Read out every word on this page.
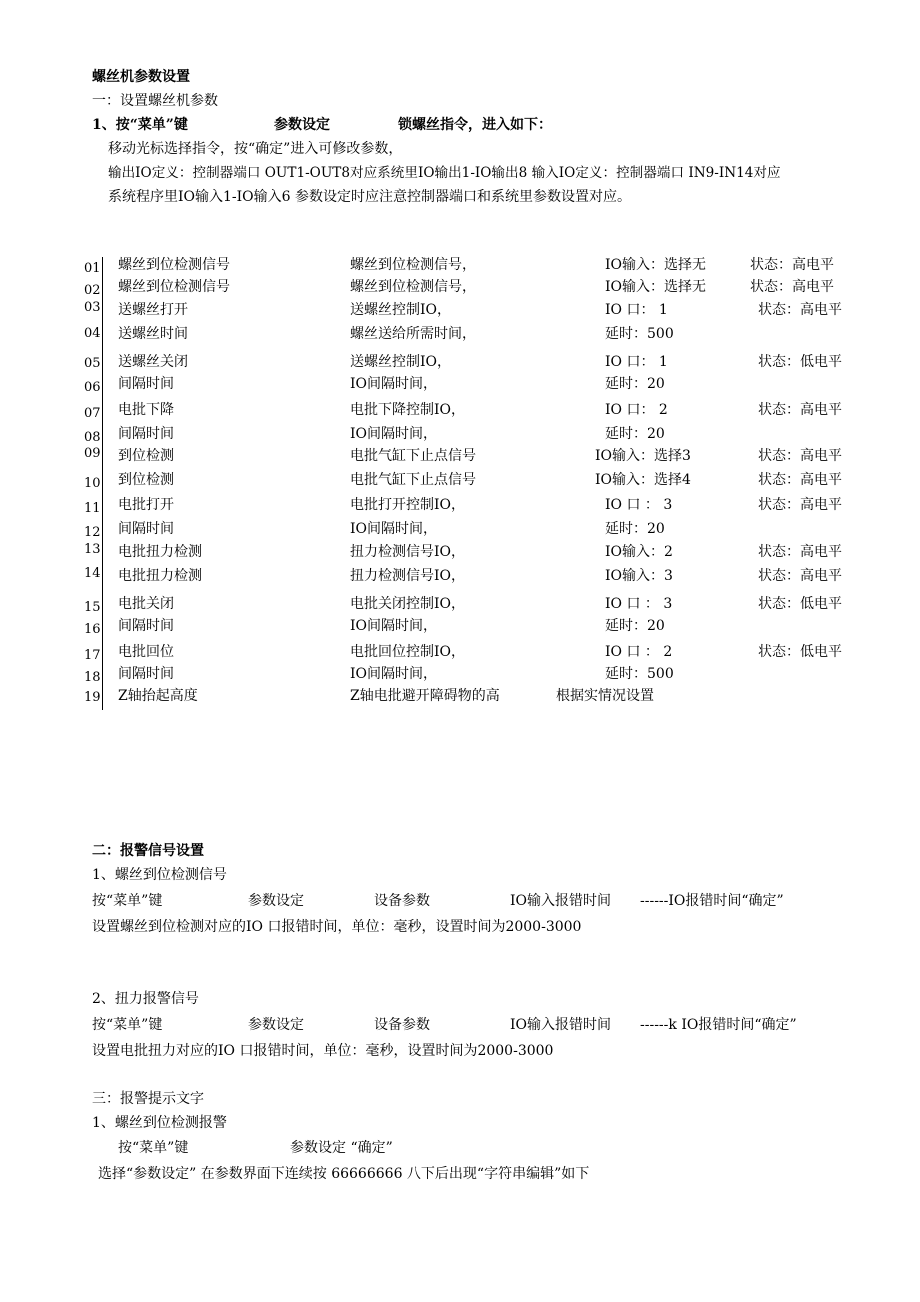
螺丝机参数设置
一：设置螺丝机参数
1、按“菜单”键	参数设定	锁螺丝指令，进入如下：
移动光标选择指令，按“确定”进入可修改参数，
输出IO定义：控制器端口 OUT1-OUT8对应系统里IO输出1-IO输出8 输入IO定义：控制器端口 IN9-IN14对应
系统程序里IO输入1-IO输入6 参数设定时应注意控制器端口和系统里参数设置对应。
01 螺丝到位检测信号	螺丝到位检测信号，	IO输入：选择无	状态：高电平
02 螺丝到位检测信号	螺丝到位检测信号，	IO输入：选择无	状态：高电平
03 送螺丝打开	送螺丝控制IO，	IO 口： 1	状态：高电平
04 送螺丝时间	螺丝送给所需时间，	延时：500
05 送螺丝关闭	送螺丝控制IO，	IO 口： 1	状态：低电平
06 间隔时间	IO间隔时间，	延时：20
07 电批下降	电批下降控制IO，	IO 口： 2	状态：高电平
08 间隔时间	IO间隔时间，	延时：20
09 到位检测	电批气缸下止点信号	IO输入：选择3	状态：高电平
10 到位检测	电批气缸下止点信号	IO输入：选择4	状态：高电平
11 电批打开	电批打开控制IO，	IO 口 ： 3	状态：高电平
12 间隔时间	IO间隔时间，	延时：20
13 电批扭力检测	扭力检测信号IO，	IO输入：2	状态：高电平
14 电批扭力检测	扭力检测信号IO，	IO输入：3	状态：高电平
15 电批关闭	电批关闭控制IO，	IO 口 ： 3	状态：低电平
16 间隔时间	IO间隔时间，	延时：20
17 电批回位	电批回位控制IO，	IO 口 ： 2	状态：低电平
18 间隔时间	IO间隔时间，	延时：500
19 Z轴抬起高度	Z轴电批避开障碍物的高	根据实情况设置
二：报警信号设置
1、螺丝到位检测信号
按“菜单”键	参数设定	设备参数	IO输入报错时间 ------IO报错时间“确定”
设置螺丝到位检测对应的IO 口报错时间，单位：毫秒，设置时间为2000-3000
2、扭力报警信号
按“菜单”键	参数设定	设备参数	IO输入报错时间 ------k IO报错时间“确定”
设置电批扭力对应的IO 口报错时间，单位：毫秒，设置时间为2000-3000
三：报警提示文字
1、螺丝到位检测报警
按“菜单”键	参数设定 “确定”
选择“参数设定” 在参数界面下连续按 66666666 八下后出现“字符串编辑”如下
